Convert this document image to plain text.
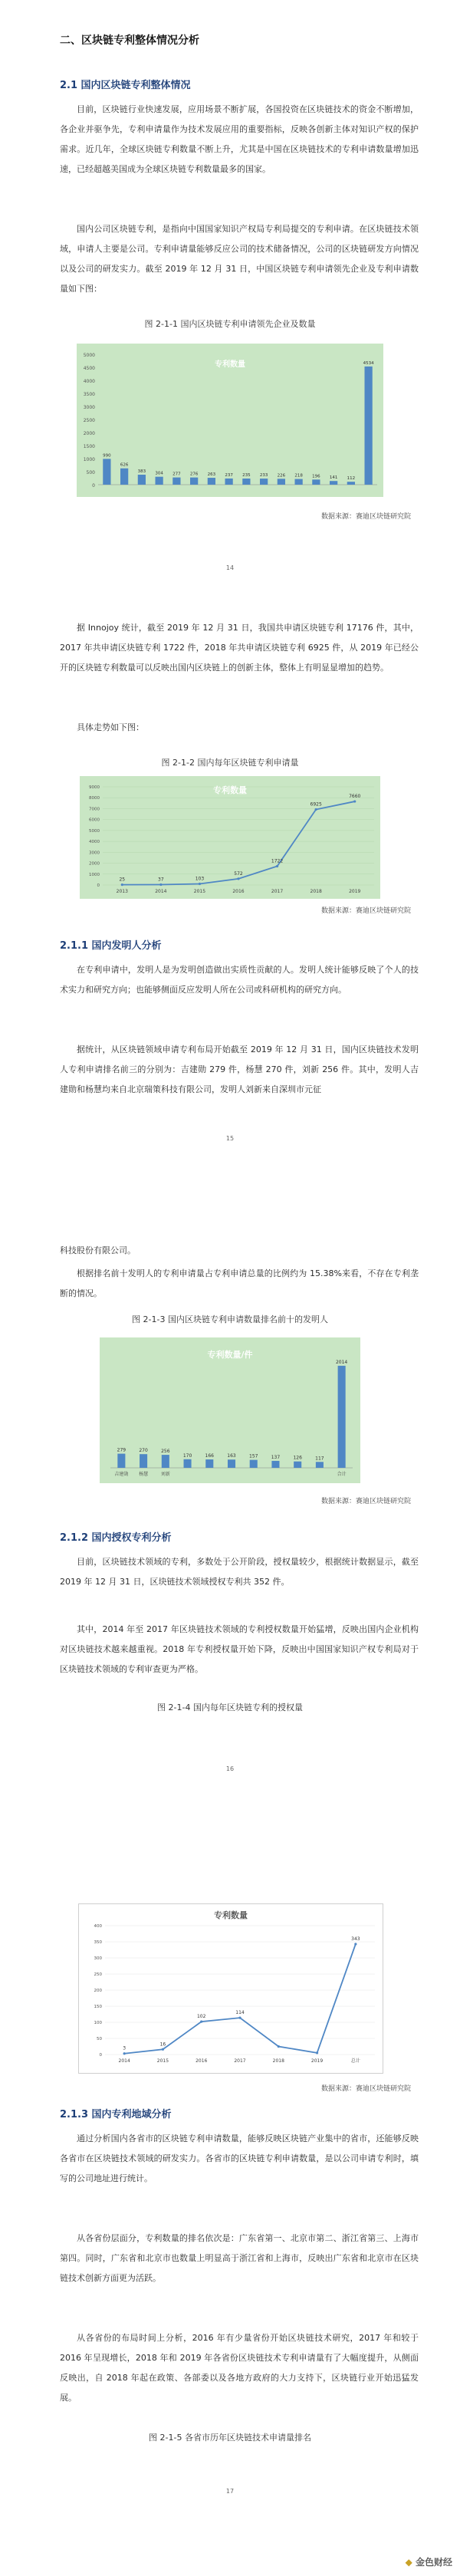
二、区块链专利整体情况分析
2.1 国内区块链专利整体情况
目前，区块链行业快速发展，应用场景不断扩展，各国投资在区块链技术的资金不断增加，各企业并驱争先，专利申请量作为技术发展应用的重要指标，反映各创新主体对知识产权的保护需求。近几年，全球区块链专利数量不断上升，尤其是中国在区块链技术的专利申请数量增加迅速，已经超越美国成为全球区块链专利数量最多的国家。
国内公司区块链专利，是指向中国国家知识产权局专利局提交的专利申请。在区块链技术领域，申请人主要是公司。专利申请量能够反应公司的技术储备情况，公司的区块链研发方向情况以及公司的研发实力。截至 2019 年 12 月 31 日，中国区块链专利申请领先企业及专利申请数量如下图：
图 2-1-1 国内区块链专利申请领先企业及数量
5000
4500
4000
3500
3000
2500
2000
1500
1000
500
0
990
626
383 304 277 276 263 237 235 233 226 218 196 141 112
4534
专利数量
数据来源：赛迪区块链研究院
14
据 Innojoy 统计，截至 2019 年 12 月 31 日，我国共申请区块链专利 17176 件，其中，2017 年共申请区块链专利 1722 件，2018 年共申请区块链专利 6925 件，从 2019 年已经公开的区块链专利数量可以反映出国内区块链上的创新主体，整体上有明显显增加的趋势。
具体走势如下图：
图 2-1-2 国内每年区块链专利申请量
9000
8000
7000
6000
5000
4000
3000
2000
1000
0
2013	2014	2015	2016	2017	2018	2019
25	37	103
572
1722
6925
7660
专利数量
数据来源：赛迪区块链研究院
2.1.1 国内发明人分析
在专利申请中，发明人是为发明创造做出实质性贡献的人。发明人统计能够反映了个人的技术实力和研究方向；也能够侧面反应发明人所在公司或科研机构的研究方向。
据统计，从区块链领域申请专利布局开始截至 2019 年 12 月 31 日，国内区块链技术发明人专利申请排名前三的分别为：吉建勋 279 件，杨慧 270 件，刘新 256 件。其中，发明人吉建勋和杨慧均来自北京瑞策科技有限公司，发明人刘新来自深圳市元征
15
科技股份有限公司。
根据排名前十发明人的专利申请量占专利申请总量的比例约为 15.38%来看，不存在专利垄断的情况。
图 2-1-3 国内区块链专利申请数量排名前十的发明人
279
吉建勋
270
杨慧
256
刘新
170	166	163	157	137	126	117
2014
合计
专利数量/件
数据来源：赛迪区块链研究院
2.1.2 国内授权专利分析
目前，区块链技术领域的专利，多数处于公开阶段，授权量较少，根据统计数据显示，截至 2019 年 12 月 31 日，区块链技术领域授权专利共 352 件。
其中，2014 年至 2017 年区块链技术领域的专利授权数量开始猛增，反映出国内企业机构对区块链技术越来越重视。2018 年专利授权量开始下降，反映出中国国家知识产权专利局对于区块链技术领域的专利审查更为严格。
图 2-1-4 国内每年区块链专利的授权量
16
400
350
300
250
200
150
100
50
0
2014	2015	2016	2017	2018	2019	总计
3
16
102
114
343
专利数量
数据来源：赛迪区块链研究院
2.1.3 国内专利地域分析
通过分析国内各省市的区块链专利申请数量，能够反映区块链产业集中的省市，还能够反映各省市在区块链技术领域的研发实力。各省市的区块链专利申请数量，是以公司申请专利时，填写的公司地址进行统计。
从各省份层面分，专利数量的排名依次是：广东省第一、北京市第二、浙江省第三、上海市第四。同时，广东省和北京市也数量上明显高于浙江省和上海市，反映出广东省和北京市在区块链技术创新方面更为活跃。
从各省份的布局时间上分析，2016 年有少量省份开始区块链技术研究，2017 年和较于 2016 年呈现增长，2018 年和 2019 年各省份区块链技术专利申请量有了大幅度提升，从侧面反映出，自 2018 年起在政策、各部委以及各地方政府的大力支持下，区块链行业开始迅猛发展。
图 2-1-5 各省市历年区块链技术申请量排名
17
◆ 金色财经
